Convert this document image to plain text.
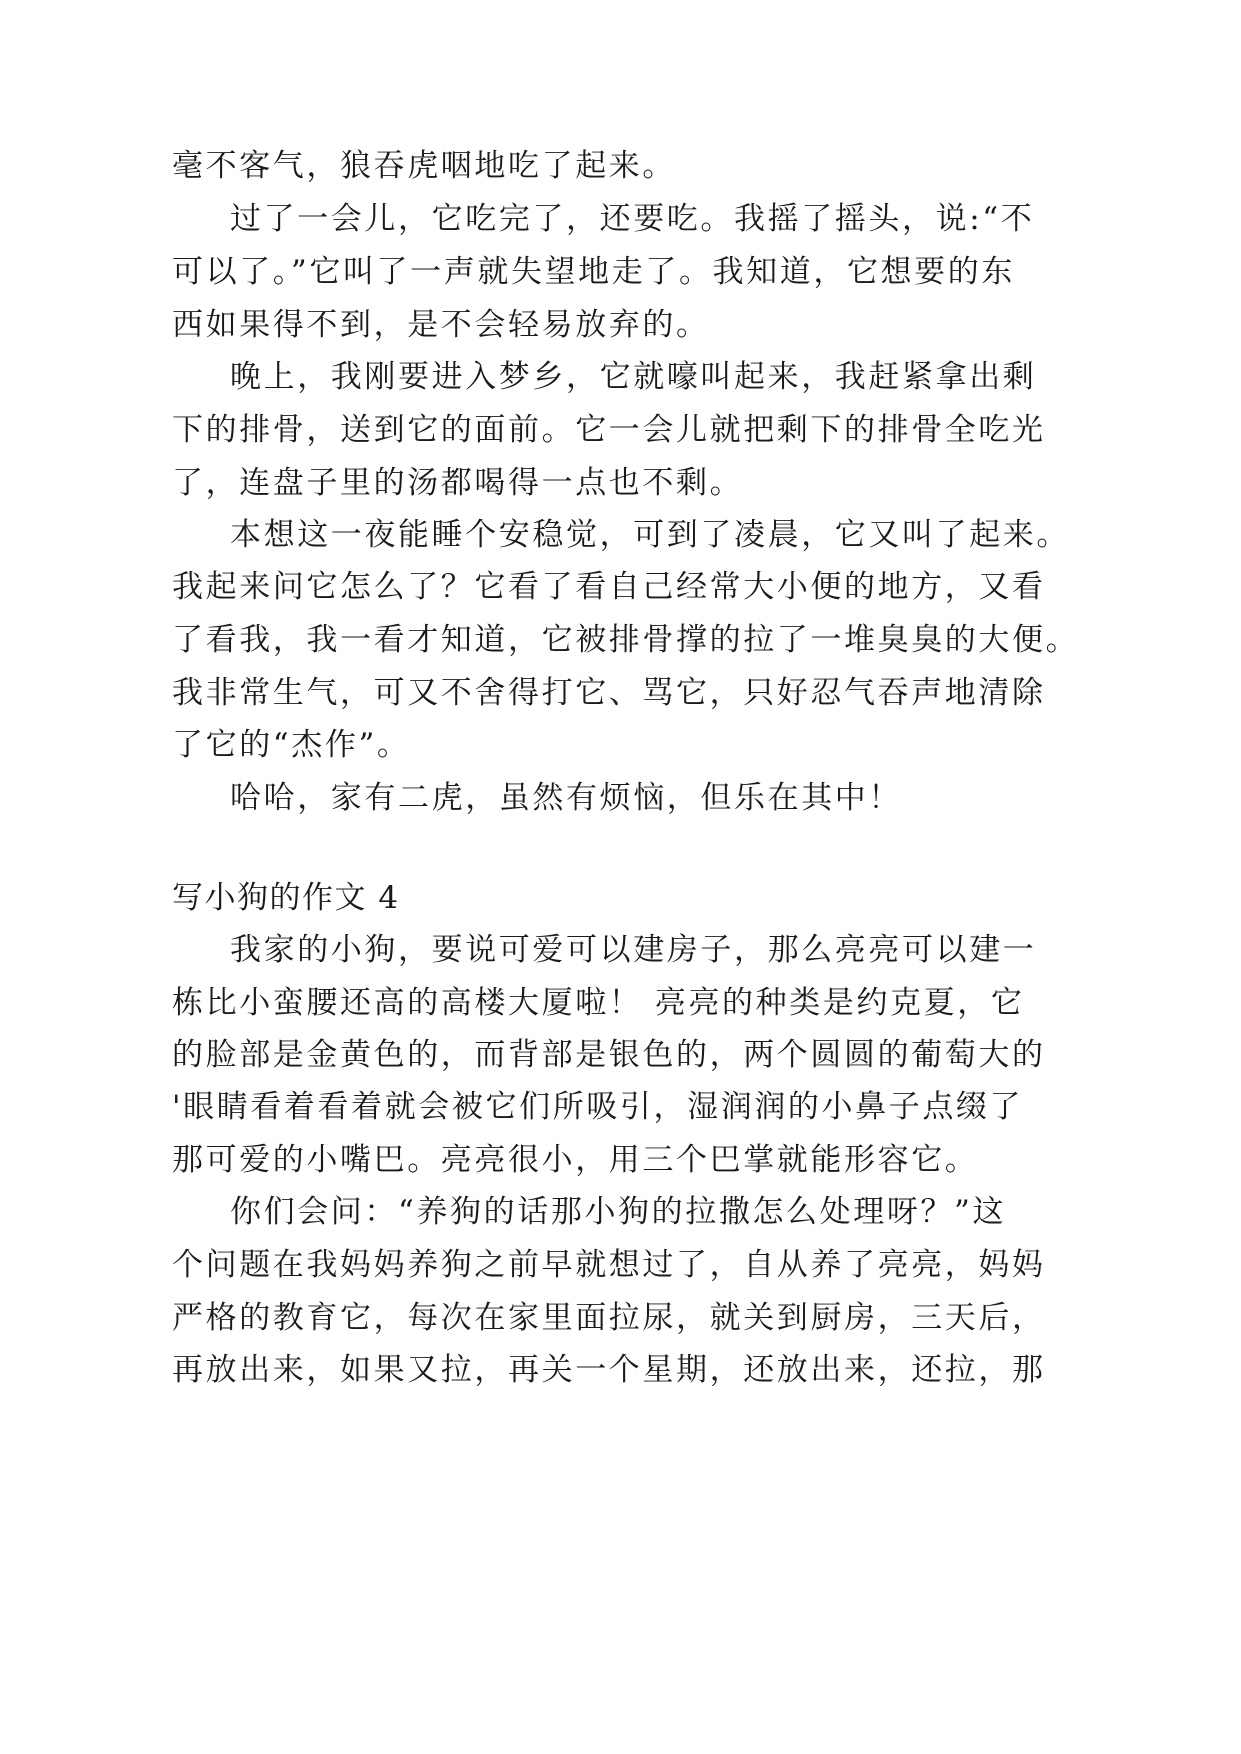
毫不客气，狼吞虎咽地吃了起来。
过了一会儿，它吃完了，还要吃。我摇了摇头，说:“不
可以了。”它叫了一声就失望地走了。我知道，它想要的东
西如果得不到，是不会轻易放弃的。
晚上，我刚要进入梦乡，它就嚎叫起来，我赶紧拿出剩
下的排骨，送到它的面前。它一会儿就把剩下的排骨全吃光
了，连盘子里的汤都喝得一点也不剩。
本想这一夜能睡个安稳觉，可到了凌晨，它又叫了起来。
我起来问它怎么了？它看了看自己经常大小便的地方，又看
了看我，我一看才知道，它被排骨撑的拉了一堆臭臭的大便。
我非常生气，可又不舍得打它、骂它，只好忍气吞声地清除
了它的“杰作”。
哈哈，家有二虎，虽然有烦恼，但乐在其中！
写小狗的作文 4
我家的小狗，要说可爱可以建房子，那么亮亮可以建一
栋比小蛮腰还高的高楼大厦啦！ 亮亮的种类是约克夏，它
的脸部是金黄色的，而背部是银色的，两个圆圆的葡萄大的
'眼睛看着看着就会被它们所吸引，湿润润的小鼻子点缀了
那可爱的小嘴巴。亮亮很小，用三个巴掌就能形容它。
你们会问：“养狗的话那小狗的拉撒怎么处理呀？”这
个问题在我妈妈养狗之前早就想过了，自从养了亮亮，妈妈
严格的教育它，每次在家里面拉尿，就关到厨房，三天后，
再放出来，如果又拉，再关一个星期，还放出来，还拉，那
